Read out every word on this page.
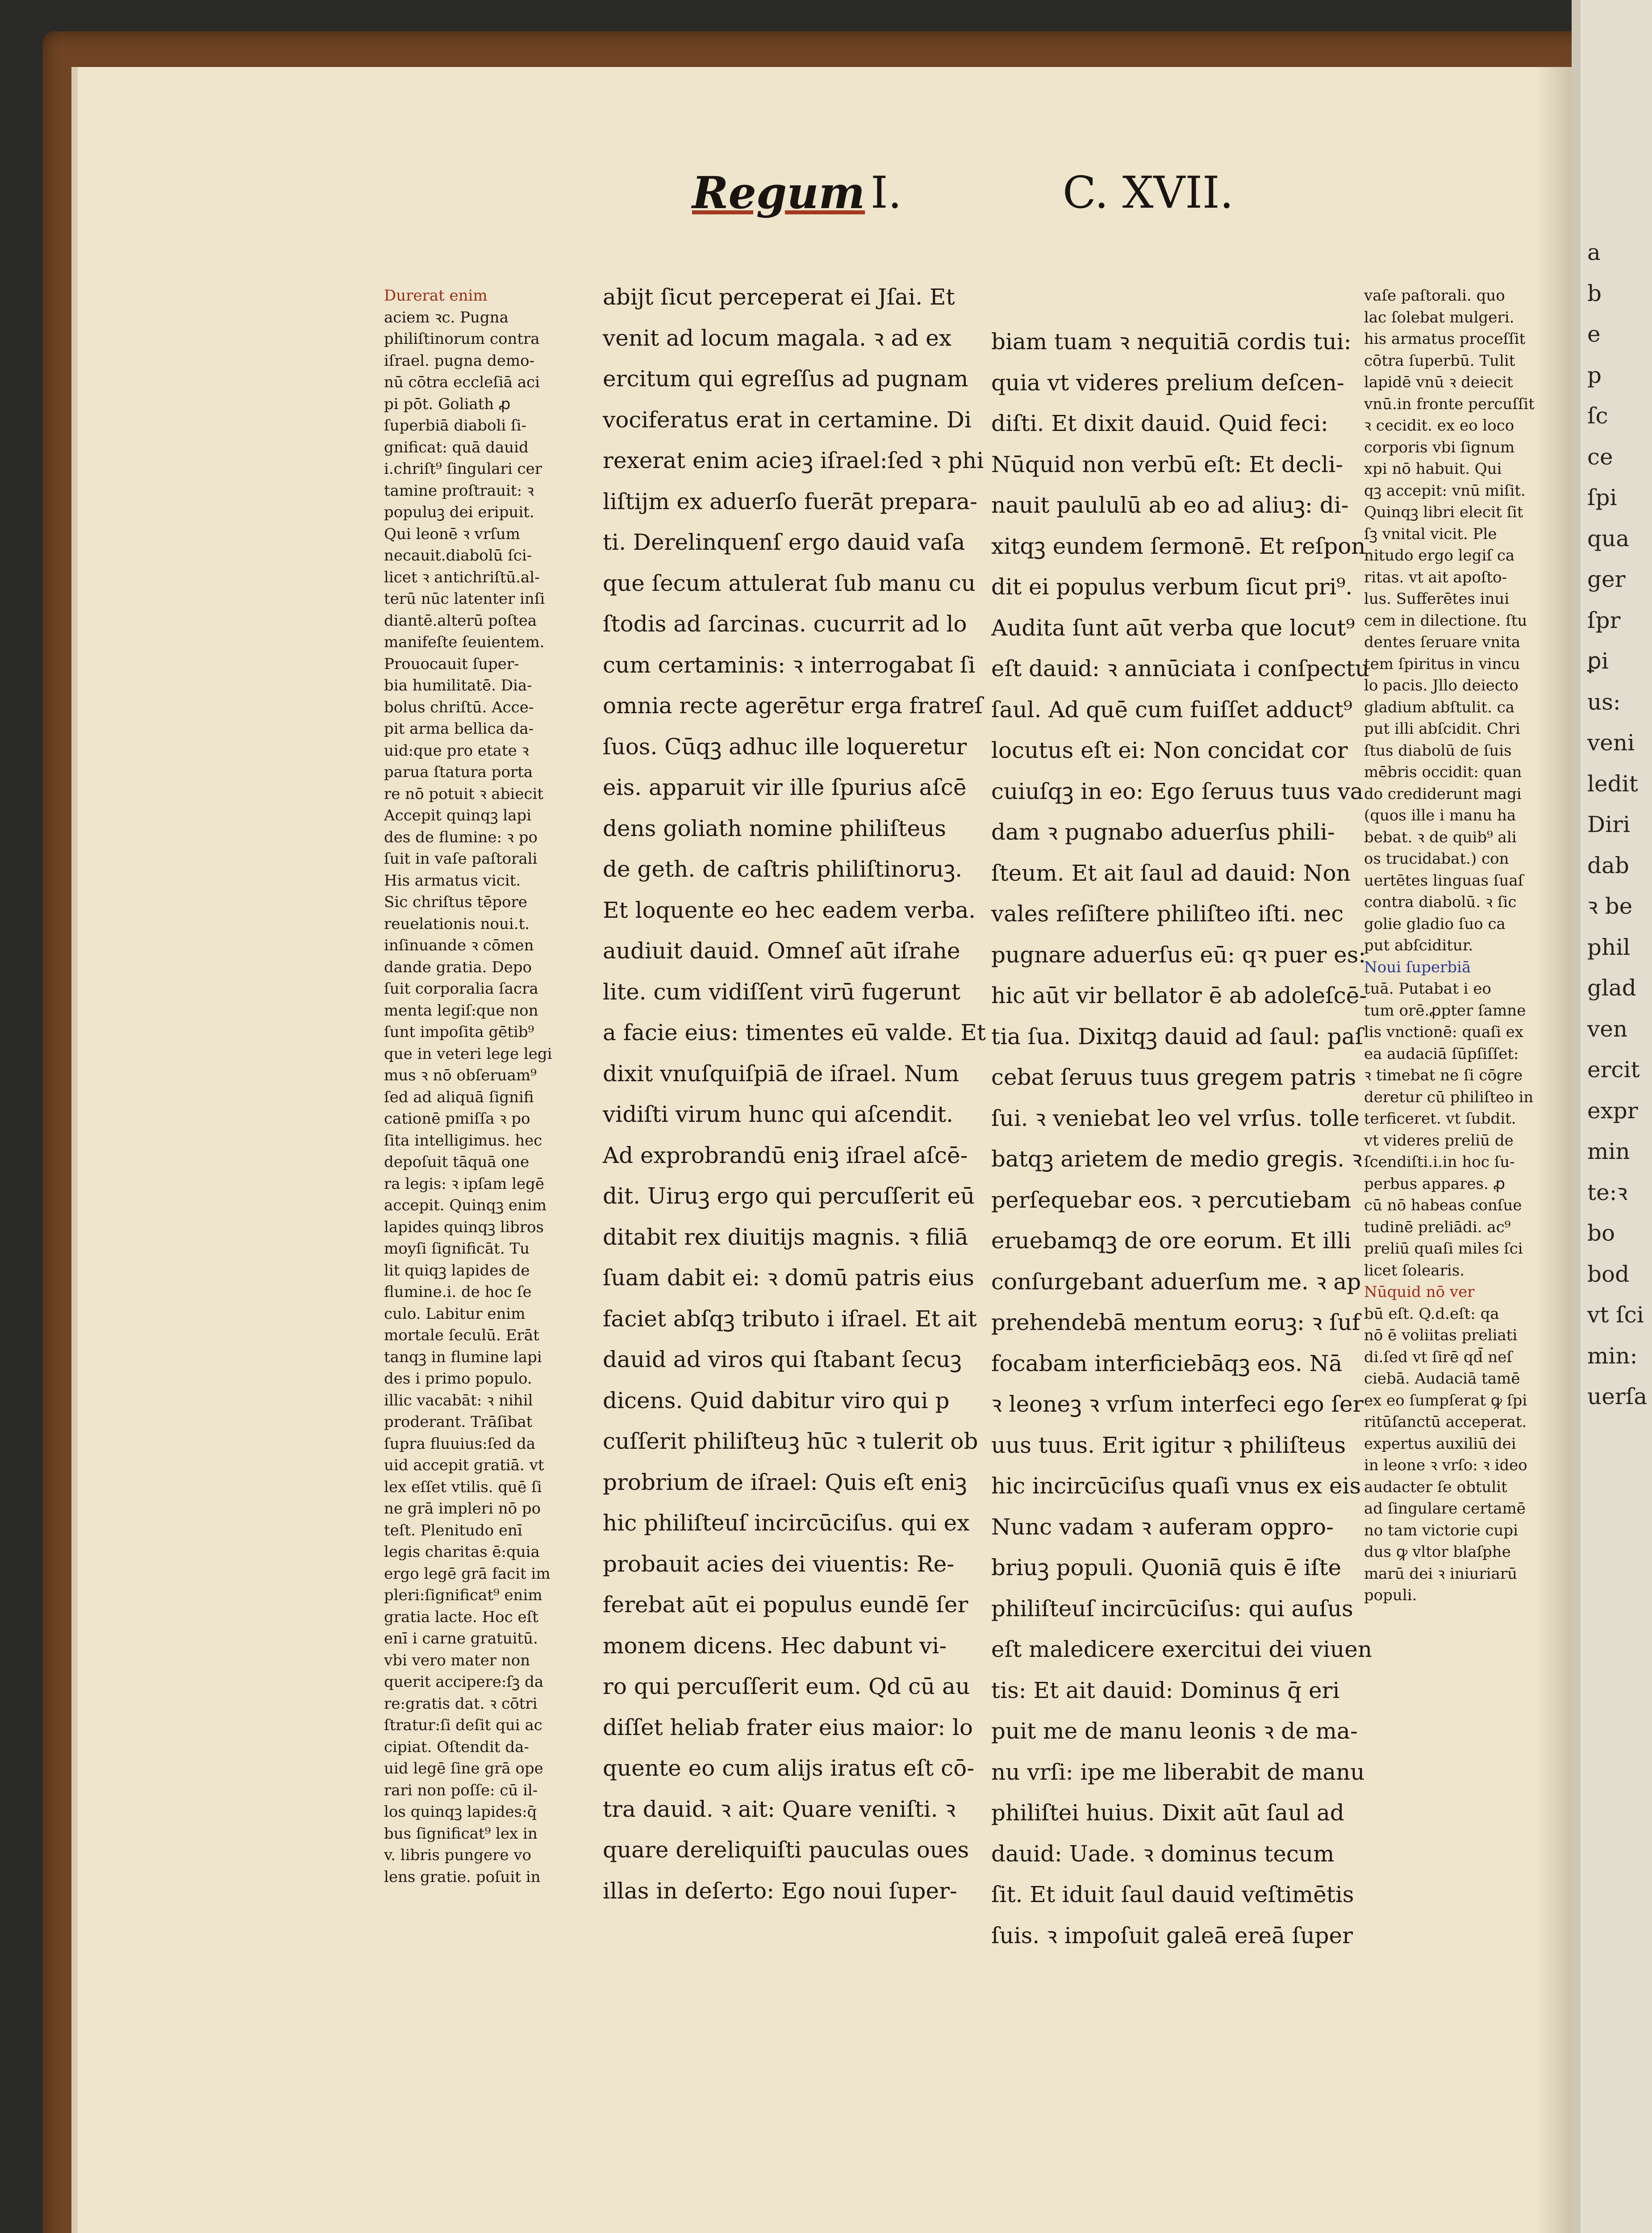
Regum I.	C. XVII.

Durerat enim

aciem ꝛc. Pugna

philiſtinorum contra

iſrael. pugna demo-

nū cōtra eccleſiā aci

pi pōt. Goliath ꝓ

ſuperbiā diaboli ſi-

gnificat: quā dauid

i.chriſt⁹ ſingulari cer

tamine proſtrauit: ꝛ

populuꝫ dei eripuit.

Qui leonē ꝛ vrſum

necauit.diabolū ſci-

licet ꝛ antichriſtū.al-

terū nūc latenter inſi

diantē.alterū poſtea

manifeſte ſeuientem.

Prouocauit ſuper-

bia humilitatē. Dia-

bolus chriſtū. Acce-

pit arma bellica da-

uid:que pro etate ꝛ

parua ſtatura porta

re nō potuit ꝛ abiecit

Accepit quinqꝫ lapi

des de flumine: ꝛ po

ſuit in vaſe paſtorali

His armatus vicit.

Sic chriſtus tēpore

reuelationis noui.t.

inſinuande ꝛ cōmen

dande gratia. Depo

ſuit corporalia ſacra

menta legiſ:que non

ſunt impoſita gētib⁹

que in veteri lege legi

mus ꝛ nō obſeruam⁹

ſed ad aliquā ſignifi

cationē pmiſſa ꝛ po

ſita intelligimus. hec

depoſuit tāquā one

ra legis: ꝛ ipſam legē

accepit. Quinqꝫ enim

lapides quinqꝫ libros

moyſi ſignificāt. Tu

lit quiqꝫ lapides de

flumine.i. de hoc ſe

culo. Labitur enim

mortale ſeculū. Erāt

tanqꝫ in flumine lapi

des i primo populo.

illic vacabāt: ꝛ nihil

proderant. Trāſibat

ſupra fluuius:ſed da

uid accepit gratiā. vt

lex eſſet vtilis. quē ſi

ne grā impleri nō po

teſt. Plenitudo enī

legis charitas ē:quia

ergo legē grā facit im

pleri:ſignificat⁹ enim

gratia lacte. Hoc eſt

enī i carne gratuitū.

vbi vero mater non

querit accipere:ſꝫ da

re:gratis dat. ꝛ cōtri

ſtratur:ſi deſit qui ac

cipiat. Oſtendit da-

uid legē ſine grā ope

rari non poſſe: cū il-

los quinqꝫ lapides:q̄

bus ſignificat⁹ lex in

v. libris pungere vo

lens gratie. poſuit in

abijt ſicut perceperat ei Jſai. Et

venit ad locum magala. ꝛ ad ex

ercitum qui egreſſus ad pugnam

vociferatus erat in certamine. Di

rexerat enim acieꝫ iſrael:ſed ꝛ phi

liſtijm ex aduerſo fuerāt prepara-

ti. Derelinquenſ ergo dauid vaſa

que ſecum attulerat ſub manu cu

ſtodis ad ſarcinas. cucurrit ad lo

cum certaminis: ꝛ interrogabat ſi

omnia recte agerētur erga fratreſ

ſuos. Cūqꝫ adhuc ille loqueretur

eis. apparuit vir ille ſpurius aſcē

dens goliath nomine philiſteus

de geth. de caſtris philiſtinoruꝫ.

Et loquente eo hec eadem verba.

audiuit dauid. Omneſ aūt iſrahe

lite. cum vidiſſent virū fugerunt

a facie eius: timentes eū valde. Et

dixit vnuſquiſpiā de iſrael. Num

vidiſti virum hunc qui aſcendit.

Ad exprobrandū eniꝫ iſrael aſcē-

dit. Uiruꝫ ergo qui percuſſerit eū

ditabit rex diuitijs magnis. ꝛ filiā

ſuam dabit ei: ꝛ domū patris eius

faciet abſqꝫ tributo i iſrael. Et ait

dauid ad viros qui ſtabant ſecuꝫ

dicens. Quid dabitur viro qui p

cuſſerit philiſteuꝫ hūc ꝛ tulerit ob

probrium de iſrael: Quis eſt eniꝫ

hic philiſteuſ incircūciſus. qui ex

probauit acies dei viuentis: Re-

ferebat aūt ei populus eundē ſer

monem dicens. Hec dabunt vi-

ro qui percuſſerit eum. Qd cū au

diſſet heliab frater eius maior: lo

quente eo cum alijs iratus eſt cō-

tra dauid. ꝛ ait: Quare veniſti. ꝛ

quare dereliquiſti pauculas oues

illas in deſerto: Ego noui ſuper-

biam tuam ꝛ nequitiā cordis tui:

quia vt videres prelium deſcen-

diſti. Et dixit dauid. Quid feci:

Nūquid non verbū eſt: Et decli-

nauit paululū ab eo ad aliuꝫ: di-

xitqꝫ eundem ſermonē. Et reſpon

dit ei populus verbum ſicut pri⁹.

Audita ſunt aūt verba que locut⁹

eſt dauid: ꝛ annūciata i conſpectu

ſaul. Ad quē cum fuiſſet adduct⁹

locutus eſt ei: Non concidat cor

cuiuſqꝫ in eo: Ego ſeruus tuus va

dam ꝛ pugnabo aduerſus phili-

ſteum. Et ait ſaul ad dauid: Non

vales reſiſtere philiſteo iſti. nec

pugnare aduerſus eū: qꝛ puer es:

hic aūt vir bellator ē ab adoleſcē-

tia ſua. Dixitqꝫ dauid ad ſaul: paſ

cebat ſeruus tuus gregem patris

ſui. ꝛ veniebat leo vel vrſus. tolle

batqꝫ arietem de medio gregis. ꝛ

perſequebar eos. ꝛ percutiebam

eruebamqꝫ de ore eorum. Et illi

conſurgebant aduerſum me. ꝛ ap

prehendebā mentum eoruꝫ: ꝛ ſuf

focabam interficiebāqꝫ eos. Nā

ꝛ leoneꝫ ꝛ vrſum interfeci ego ſer

uus tuus. Erit igitur ꝛ philiſteus

hic incircūciſus quaſi vnus ex eis

Nunc vadam ꝛ auferam oppro-

briuꝫ populi. Quoniā quis ē iſte

philiſteuſ incircūciſus: qui auſus

eſt maledicere exercitui dei viuen

tis: Et ait dauid: Dominus q̄ eri

puit me de manu leonis ꝛ de ma-

nu vrſi: ipe me liberabit de manu

philiſtei huius. Dixit aūt ſaul ad

dauid: Uade. ꝛ dominus tecum

ſit. Et iduit ſaul dauid veſtimētis

ſuis. ꝛ impoſuit galeā ereā ſuper

vaſe paſtorali. quo

lac ſolebat mulgeri.

his armatus proceſſit

cōtra ſuperbū. Tulit

lapidē vnū ꝛ deiecit

vnū.in fronte percuſſit

ꝛ cecidit. ex eo loco

corporis vbi ſignum

xpi nō habuit. Qui

qꝫ accepit: vnū miſit.

Quinqꝫ libri elecit ſit

ſꝫ vnital vicit. Ple

nitudo ergo legiſ ca

ritas. vt ait apoſto-

lus. Sufferētes inui

cem in dilectione. ſtu

dentes ſeruare vnita

tem ſpiritus in vincu

lo pacis. Jllo deiecto

gladium abſtulit. ca

put illi abſcidit. Chri

ſtus diabolū de ſuis

mēbris occidit: quan

do crediderunt magi

(quos ille i manu ha

bebat. ꝛ de quib⁹ ali

os trucidabat.) con

uertētes linguas ſuaſ

contra diabolū. ꝛ ſic

golie gladio ſuo ca

put abſciditur.

Noui ſuperbiā

tuā. Putabat i eo

tum orē.ꝓpter ſamne

lis vnctionē: quaſi ex

ea audaciā ſūpſiſſet:

ꝛ timebat ne ſi cōgre

deretur cū philiſteo in

terficeret. vt ſubdit.

vt videres preliū de

ſcendiſti.i.in hoc ſu-

perbus appares. ꝓ

cū nō habeas conſue

tudinē preliādi. ac⁹

preliū quaſi miles ſci

licet ſolearis.

Nūquid nō ver

bū eſt. Q.d.eſt: qa

nō ē voliitas preliati

di.ſed vt ſirē qd̄ neſ

ciebā. Audaciā tamē

ex eo ſumpſerat ꝙ ſpi

ritūſanctū acceperat.

expertus auxiliū dei

in leone ꝛ vrſo: ꝛ ideo

audacter ſe obtulit

ad ſingulare certamē

no tam victorie cupi

dus ꝙ vltor blaſphe

marū dei ꝛ iniuriarū

populi.

a

b

e

p

ſc

ce

ſpi

qua

ger

ſpr

ꝑi

us:

veni

ledit

Diri

dab

ꝛ be

phil

glad

ven

ercit

expr

min

te:ꝛ

bo

bod

vt ſci

min:

uerſa
